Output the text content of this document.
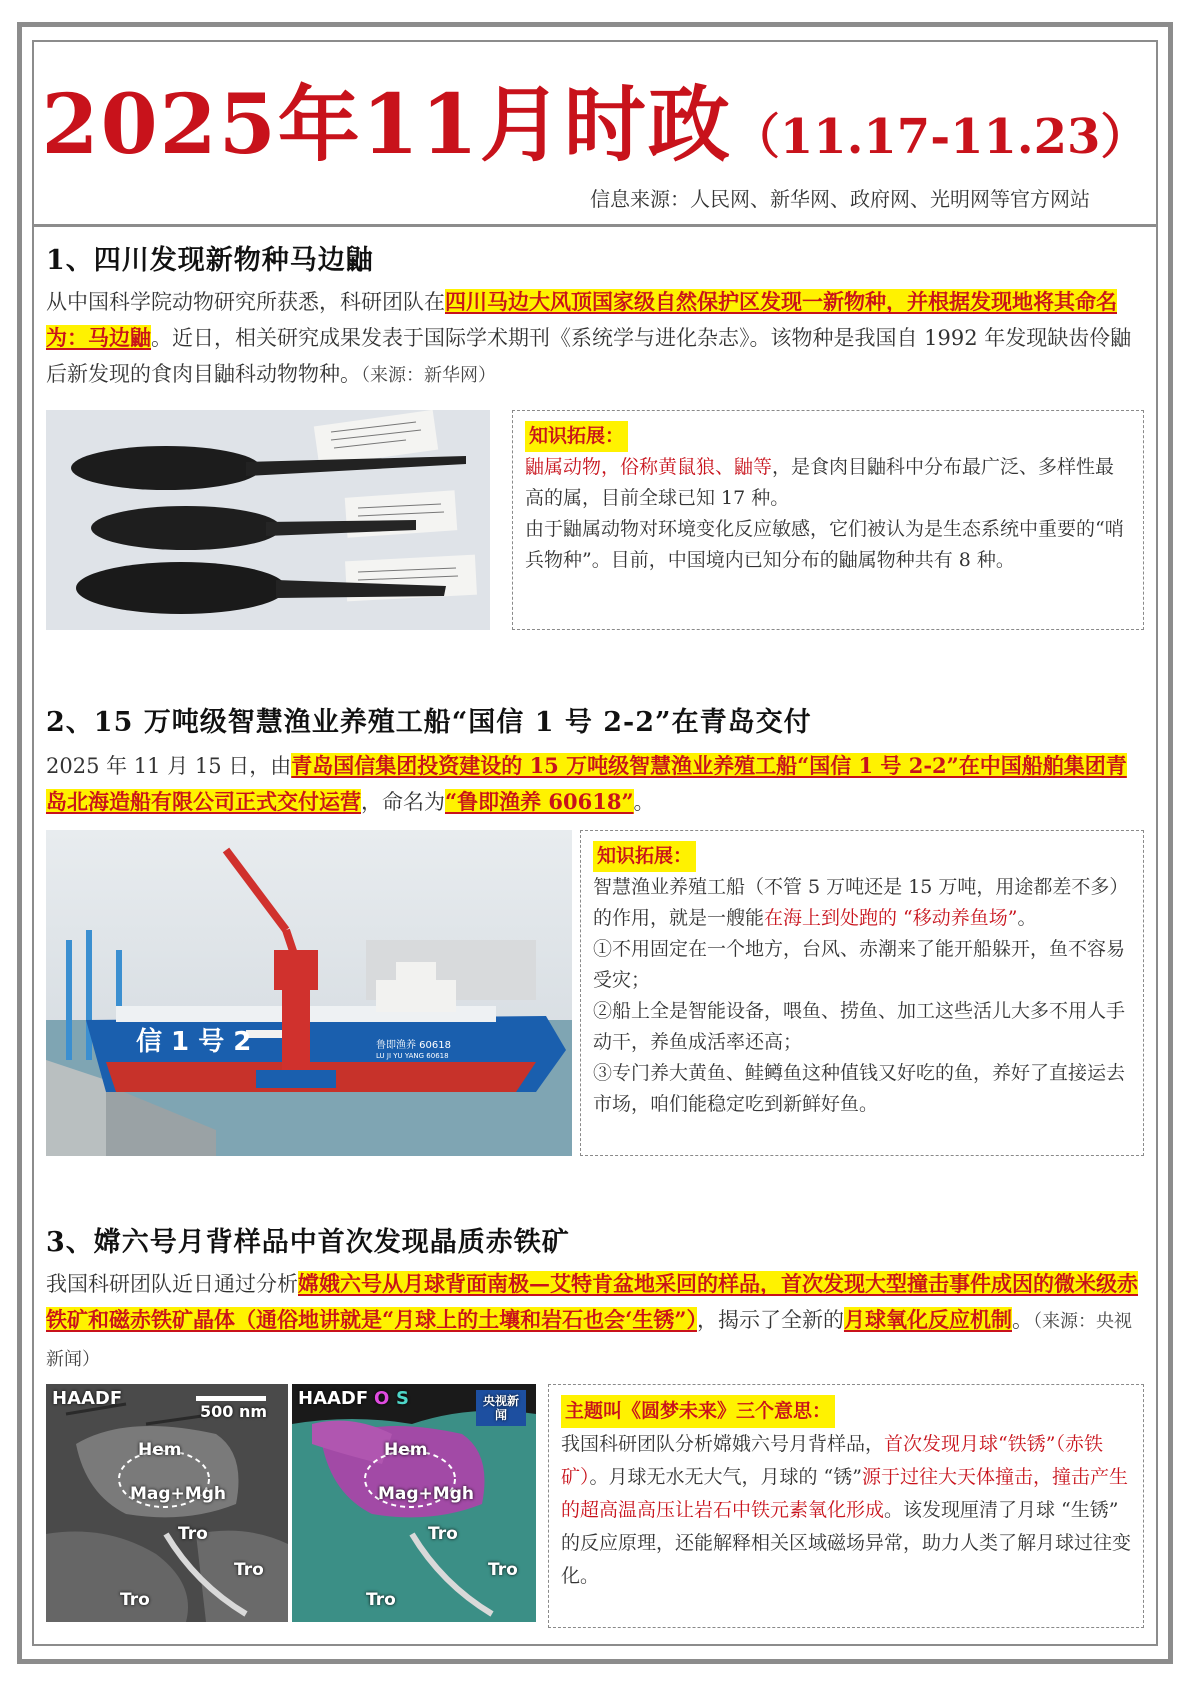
2025年11月时政（11.17-11.23）
信息来源：人民网、新华网、政府网、光明网等官方网站
1、四川发现新物种马边鼬
从中国科学院动物研究所获悉，科研团队在四川马边大风顶国家级自然保护区发现一新物种，并根据发现地将其命名为：马边鼬。近日，相关研究成果发表于国际学术期刊《系统学与进化杂志》。该物种是我国自 1992 年发现缺齿伶鼬后新发现的食肉目鼬科动物物种。（来源：新华网）
知识拓展：
鼬属动物，俗称黄鼠狼、鼬等，是食肉目鼬科中分布最广泛、多样性最高的属，目前全球已知 17 种。
由于鼬属动物对环境变化反应敏感，它们被认为是生态系统中重要的“哨兵物种”。目前，中国境内已知分布的鼬属物种共有 8 种。
2、15 万吨级智慧渔业养殖工船“国信 1 号 2-2”在青岛交付
2025 年 11 月 15 日，由青岛国信集团投资建设的 15 万吨级智慧渔业养殖工船“国信 1 号 2-2”在中国船舶集团青岛北海造船有限公司正式交付运营，命名为“鲁即渔养 60618”。
信 1 号 2	鲁即渔养 60618
LU JI YU YANG 60618
知识拓展：
智慧渔业养殖工船（不管 5 万吨还是 15 万吨，用途都差不多）的作用，就是一艘能在海上到处跑的 “移动养鱼场”。
①不用固定在一个地方，台风、赤潮来了能开船躲开，鱼不容易受灾；
②船上全是智能设备，喂鱼、捞鱼、加工这些活儿大多不用人手动干，养鱼成活率还高；
③专门养大黄鱼、鲑鳟鱼这种值钱又好吃的鱼，养好了直接运去市场，咱们能稳定吃到新鲜好鱼。
3、嫦六号月背样品中首次发现晶质赤铁矿
我国科研团队近日通过分析嫦娥六号从月球背面南极—艾特肯盆地采回的样品，首次发现大型撞击事件成因的微米级赤铁矿和磁赤铁矿晶体（通俗地讲就是“月球上的土壤和岩石也会‘生锈”），揭示了全新的月球氧化反应机制。（来源：央视新闻）
HAADF
500 nm
Hem
Mag+Mgh
Tro
Tro
Tro
HAADF O S	央视新闻
Hem
Mag+Mgh
Tro
Tro
Tro
主题叫《圆梦未来》三个意思：
我国科研团队分析嫦娥六号月背样品，首次发现月球“铁锈”（赤铁矿）。月球无水无大气，月球的 “锈”源于过往大天体撞击，撞击产生的超高温高压让岩石中铁元素氧化形成。该发现厘清了月球 “生锈” 的反应原理，还能解释相关区域磁场异常，助力人类了解月球过往变化。
